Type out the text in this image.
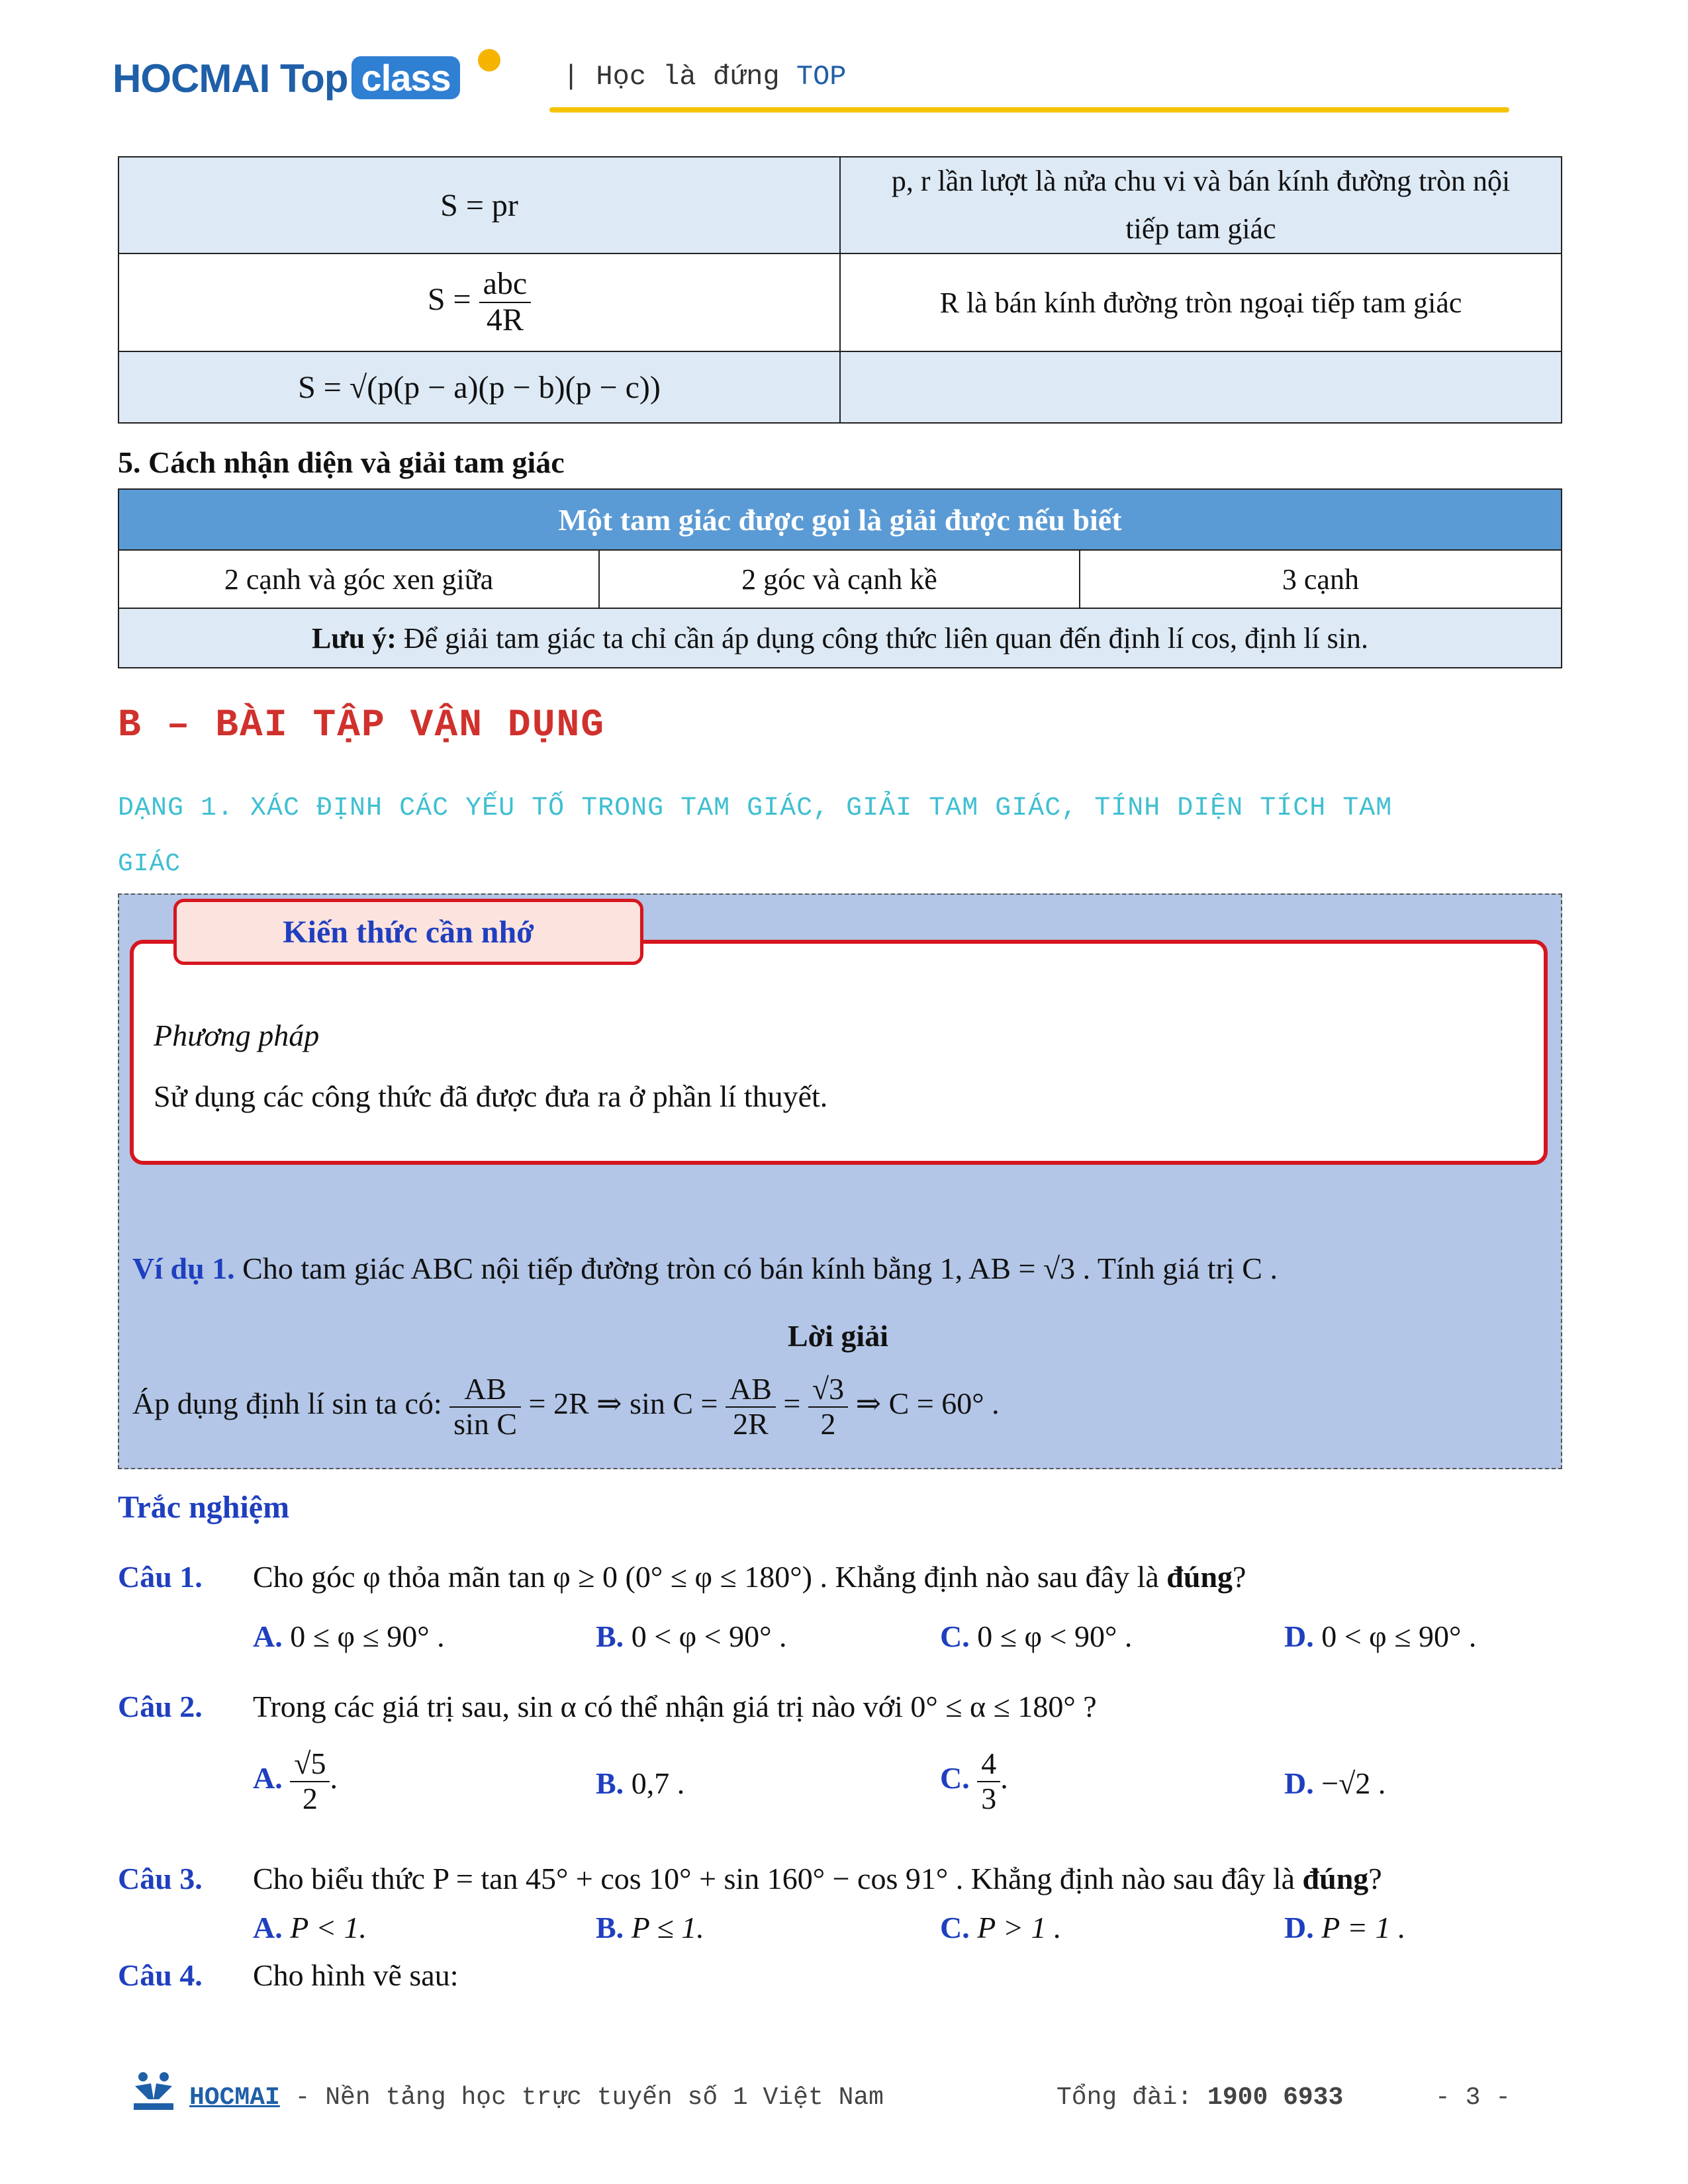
HOCMAI Top class	| Học là đứng TOP
S = pr	p, r lần lượt là nửa chu vi và bán kính đường tròn nội tiếp tam giác
$S = \frac{\text{abc}}{4R}$	R là bán kính đường tròn ngoại tiếp tam giác
S = √(p(p − a)(p − b)(p − c))	
5. Cách nhận diện và giải tam giác
Một tam giác được gọi là giải được nếu biết
2 cạnh và góc xen giữa	2 góc và cạnh kề	3 cạnh
Lưu ý: Để giải tam giác ta chỉ cần áp dụng công thức liên quan đến định lí cos, định lí sin.
B – BÀI TẬP VẬN DỤNG
DẠNG 1. XÁC ĐỊNH CÁC YẾU TỐ TRONG TAM GIÁC, GIẢI TAM GIÁC, TÍNH DIỆN TÍCH TAM
GIÁC
Kiến thức cần nhớ
Phương pháp
Sử dụng các công thức đã được đưa ra ở phần lí thuyết.
Ví dụ 1. Cho tam giác ABC nội tiếp đường tròn có bán kính bằng 1, AB = √3 . Tính giá trị C .
Lời giải
Áp dụng định lí sin ta có: $\frac{AB}{\text{sin C}} = 2R$ ⇒ $\sin C = \frac{AB}{2R} = \frac{√3}{2}$ ⇒ C = 60° .
Trắc nghiệm
Câu 1. Cho góc φ thỏa mãn tan φ ≥ 0 (0° ≤ φ ≤ 180°) . Khẳng định nào sau đây là đúng?
A. 0 ≤ φ ≤ 90° .	B. 0 < φ < 90° .	C. 0 ≤ φ < 90° .	D. 0 < φ ≤ 90° .
Câu 2. Trong các giá trị sau, sin α có thể nhận giá trị nào với 0° ≤ α ≤ 180° ?
A. $\frac{√5}{2}$ .	B. 0,7 .	C. $\frac{4}{3}$ .	D. −√2 .
Câu 3. Cho biểu thức P = tan 45° + cos 10° + sin 160° − cos 91° . Khẳng định nào sau đây là đúng?
A. P < 1.	B. P ≤ 1.	C. P > 1 .	D. P = 1 .
Câu 4. Cho hình vẽ sau:
HOCMAI - Nền tảng học trực tuyến số 1 Việt Nam	Tổng đài: 1900 6933	- 3 -
